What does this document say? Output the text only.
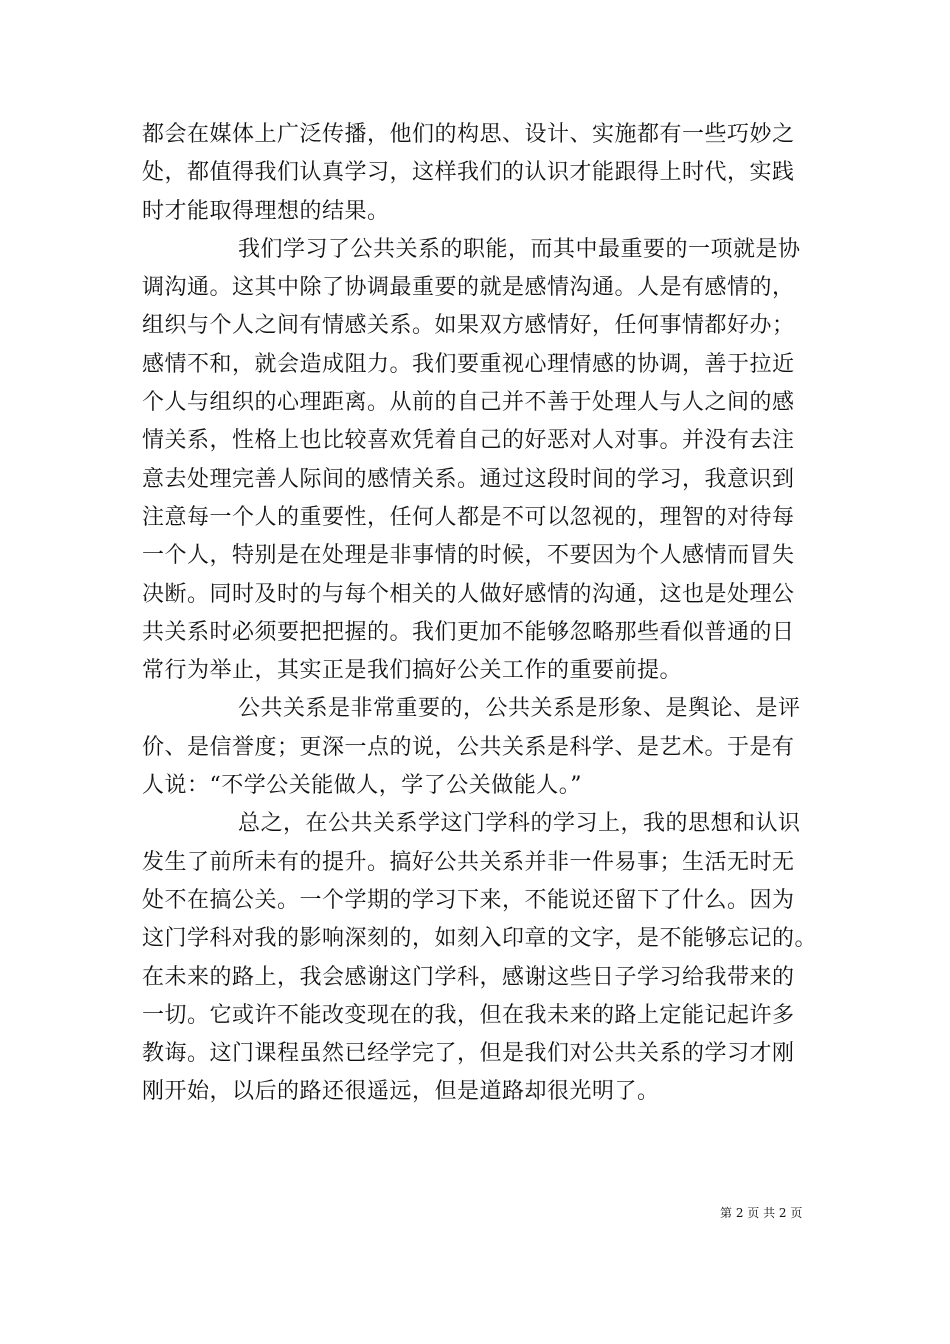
都会在媒体上广泛传播，他们的构思、设计、实施都有一些巧妙之
处，都值得我们认真学习，这样我们的认识才能跟得上时代，实践
时才能取得理想的结果。
我们学习了公共关系的职能，而其中最重要的一项就是协
调沟通。这其中除了协调最重要的就是感情沟通。人是有感情的，
组织与个人之间有情感关系。如果双方感情好，任何事情都好办；
感情不和，就会造成阻力。我们要重视心理情感的协调，善于拉近
个人与组织的心理距离。从前的自己并不善于处理人与人之间的感
情关系，性格上也比较喜欢凭着自己的好恶对人对事。并没有去注
意去处理完善人际间的感情关系。通过这段时间的学习，我意识到
注意每一个人的重要性，任何人都是不可以忽视的，理智的对待每
一个人，特别是在处理是非事情的时候，不要因为个人感情而冒失
决断。同时及时的与每个相关的人做好感情的沟通，这也是处理公
共关系时必须要把把握的。我们更加不能够忽略那些看似普通的日
常行为举止，其实正是我们搞好公关工作的重要前提。
公共关系是非常重要的，公共关系是形象、是舆论、是评
价、是信誉度；更深一点的说，公共关系是科学、是艺术。于是有
人说：“不学公关能做人，学了公关做能人。”
总之，在公共关系学这门学科的学习上，我的思想和认识
发生了前所未有的提升。搞好公共关系并非一件易事；生活无时无
处不在搞公关。一个学期的学习下来，不能说还留下了什么。因为
这门学科对我的影响深刻的，如刻入印章的文字，是不能够忘记的。
在未来的路上，我会感谢这门学科，感谢这些日子学习给我带来的
一切。它或许不能改变现在的我，但在我未来的路上定能记起许多
教诲。这门课程虽然已经学完了，但是我们对公共关系的学习才刚
刚开始，以后的路还很遥远，但是道路却很光明了。
第 2 页 共 2 页
